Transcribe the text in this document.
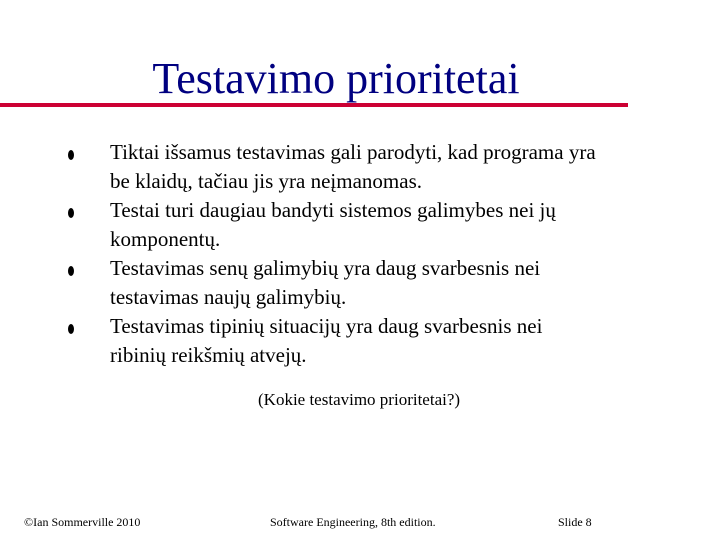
Testavimo prioritetai
Tiktai išsamus testavimas gali parodyti, kad programa yra
be klaidų, tačiau jis yra neįmanomas.
Testai turi daugiau bandyti sistemos galimybes nei jų
komponentų.
Testavimas senų galimybių yra daug svarbesnis nei
testavimas naujų galimybių.
Testavimas tipinių situacijų yra daug svarbesnis nei
ribinių reikšmių atvejų.
(Kokie testavimo prioritetai?)
©Ian Sommerville 2010	Software Engineering, 8th edition.	Slide 8
